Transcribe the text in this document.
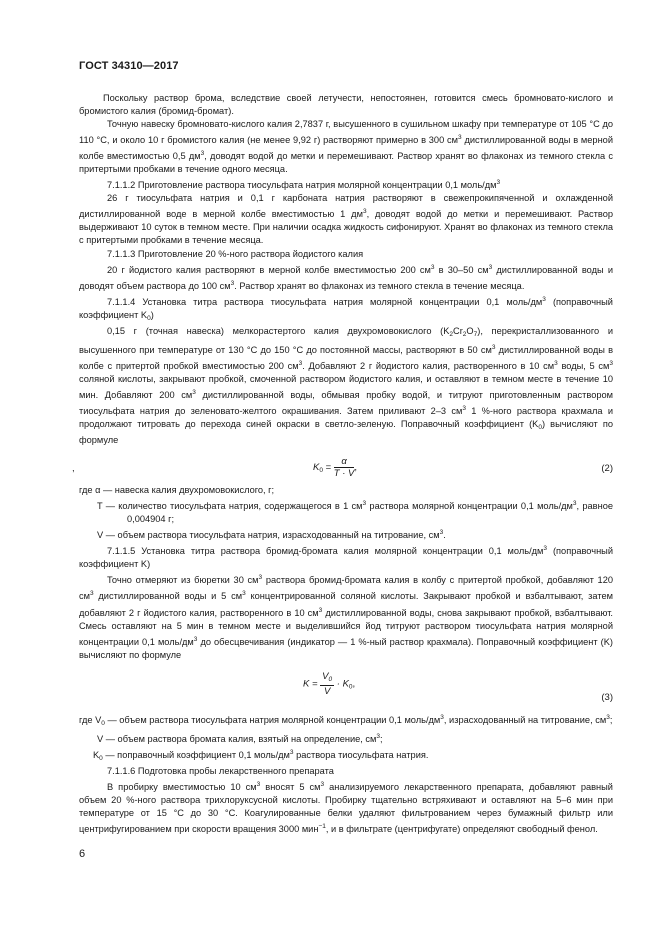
ГОСТ 34310—2017

Поскольку раствор брома, вследствие своей летучести, непостоянен, готовится смесь бромновато-кислого и бромистого калия (бромид-бромат).

Точную навеску бромновато-кислого калия 2,7837 г, высушенного в сушильном шкафу при температуре от 105 °С до 110 °С, и около 10 г бромистого калия (не менее 9,92 г) растворяют примерно в 300 $см^3$ дистиллированной воды в мерной колбе вместимостью 0,5 $дм^3$, доводят водой до метки и перемешивают. Раствор хранят во флаконах из темного стекла с притертыми пробками в течение одного месяца.

7.1.1.2 Приготовление раствора тиосульфата натрия молярной концентрации 0,1 моль/$дм^3$

26 г тиосульфата натрия и 0,1 г карбоната натрия растворяют в свежепрокипяченной и охлажденной дистиллированной воде в мерной колбе вместимостью 1 $дм^3$, доводят водой до метки и перемешивают. Раствор выдерживают 10 суток в темном месте. При наличии осадка жидкость сифонируют. Хранят во флаконах из темного стекла с притертыми пробками в течение месяца.

7.1.1.3 Приготовление 20 %-ного раствора йодистого калия

20 г йодистого калия растворяют в мерной колбе вместимостью 200 $см^3$ в 30–50 $см^3$ дистиллированной воды и доводят объем раствора до 100 $см^3$. Раствор хранят во флаконах из темного стекла в течение месяца.

7.1.1.4 Установка титра раствора тиосульфата натрия молярной концентрации 0,1 моль/$дм^3$ (поправочный коэффициент $K_0$)

0,15 г (точная навеска) мелкорастертого калия двухромовокислого $(K_2Cr_2O_7)$, перекристаллизованного и высушенного при температуре от 130 °С до 150 °С до постоянной массы, растворяют в 50 $см^3$ дистиллированной воды в колбе с притертой пробкой вместимостью 200 $см^3$. Добавляют 2 г йодистого калия, растворенного в 10 $см^3$ воды, 5 $см^3$ соляной кислоты, закрывают пробкой, смоченной раствором йодистого калия, и оставляют в темном месте в течение 10 мин. Добавляют 200 $см^3$ дистиллированной воды, обмывая пробку водой, и титруют приготовленным раствором тиосульфата натрия до зеленовато-желтого окрашивания. Затем приливают 2–3 $см^3$ 1 %-ного раствора крахмала и продолжают титровать до перехода синей окраски в светло-зеленую. Поправочный коэффициент $(K_0)$ вычисляют по формуле

,	$K_0 = \frac{\alpha}{T \cdot V}$ ,	(2)

где α — навеска калия двухромовокислого, г;

T — количество тиосульфата натрия, содержащегося в 1 $см^3$ раствора молярной концентрации 0,1 моль/$дм^3$, равное 0,004904 г;

V — объем раствора тиосульфата натрия, израсходованный на титрование, $см^3$.

7.1.1.5 Установка титра раствора бромид-бромата калия молярной концентрации 0,1 моль/$дм^3$ (поправочный коэффициент K)

Точно отмеряют из бюретки 30 $см^3$ раствора бромид-бромата калия в колбу с притертой пробкой, добавляют 120 $см^3$ дистиллированной воды и 5 $см^3$ концентрированной соляной кислоты. Закрывают пробкой и взбалтывают, затем добавляют 2 г йодистого калия, растворенного в 10 $см^3$ дистиллированной воды, снова закрывают пробкой, взбалтывают. Смесь оставляют на 5 мин в темном месте и выделившийся йод титруют раствором тиосульфата натрия молярной концентрации 0,1 моль/$дм^3$ до обесцвечивания (индикатор — 1 %-ный раствор крахмала). Поправочный коэффициент (K) вычисляют по формуле

$K = \frac{V_0}{V} \cdot K_0$,
(3)

где $V_0$ — объем раствора тиосульфата натрия молярной концентрации 0,1 моль/$дм^3$, израсходованный на титрование, $см^3$;

V — объем раствора бромата калия, взятый на определение, $см^3$;

$K_0$ — поправочный коэффициент 0,1 моль/$дм^3$ раствора тиосульфата натрия.

7.1.1.6 Подготовка пробы лекарственного препарата

В пробирку вместимостью 10 $см^3$ вносят 5 $см^3$ анализируемого лекарственного препарата, добавляют равный объем 20 %-ного раствора трихлоруксусной кислоты. Пробирку тщательно встряхивают и оставляют на 5–6 мин при температуре от 15 °С до 30 °С. Коагулированные белки удаляют фильтрованием через бумажный фильтр или центрифугированием при скорости вращения 3000 мин$^{-1}$, и в фильтрате (центрифугате) определяют свободный фенол.

6
